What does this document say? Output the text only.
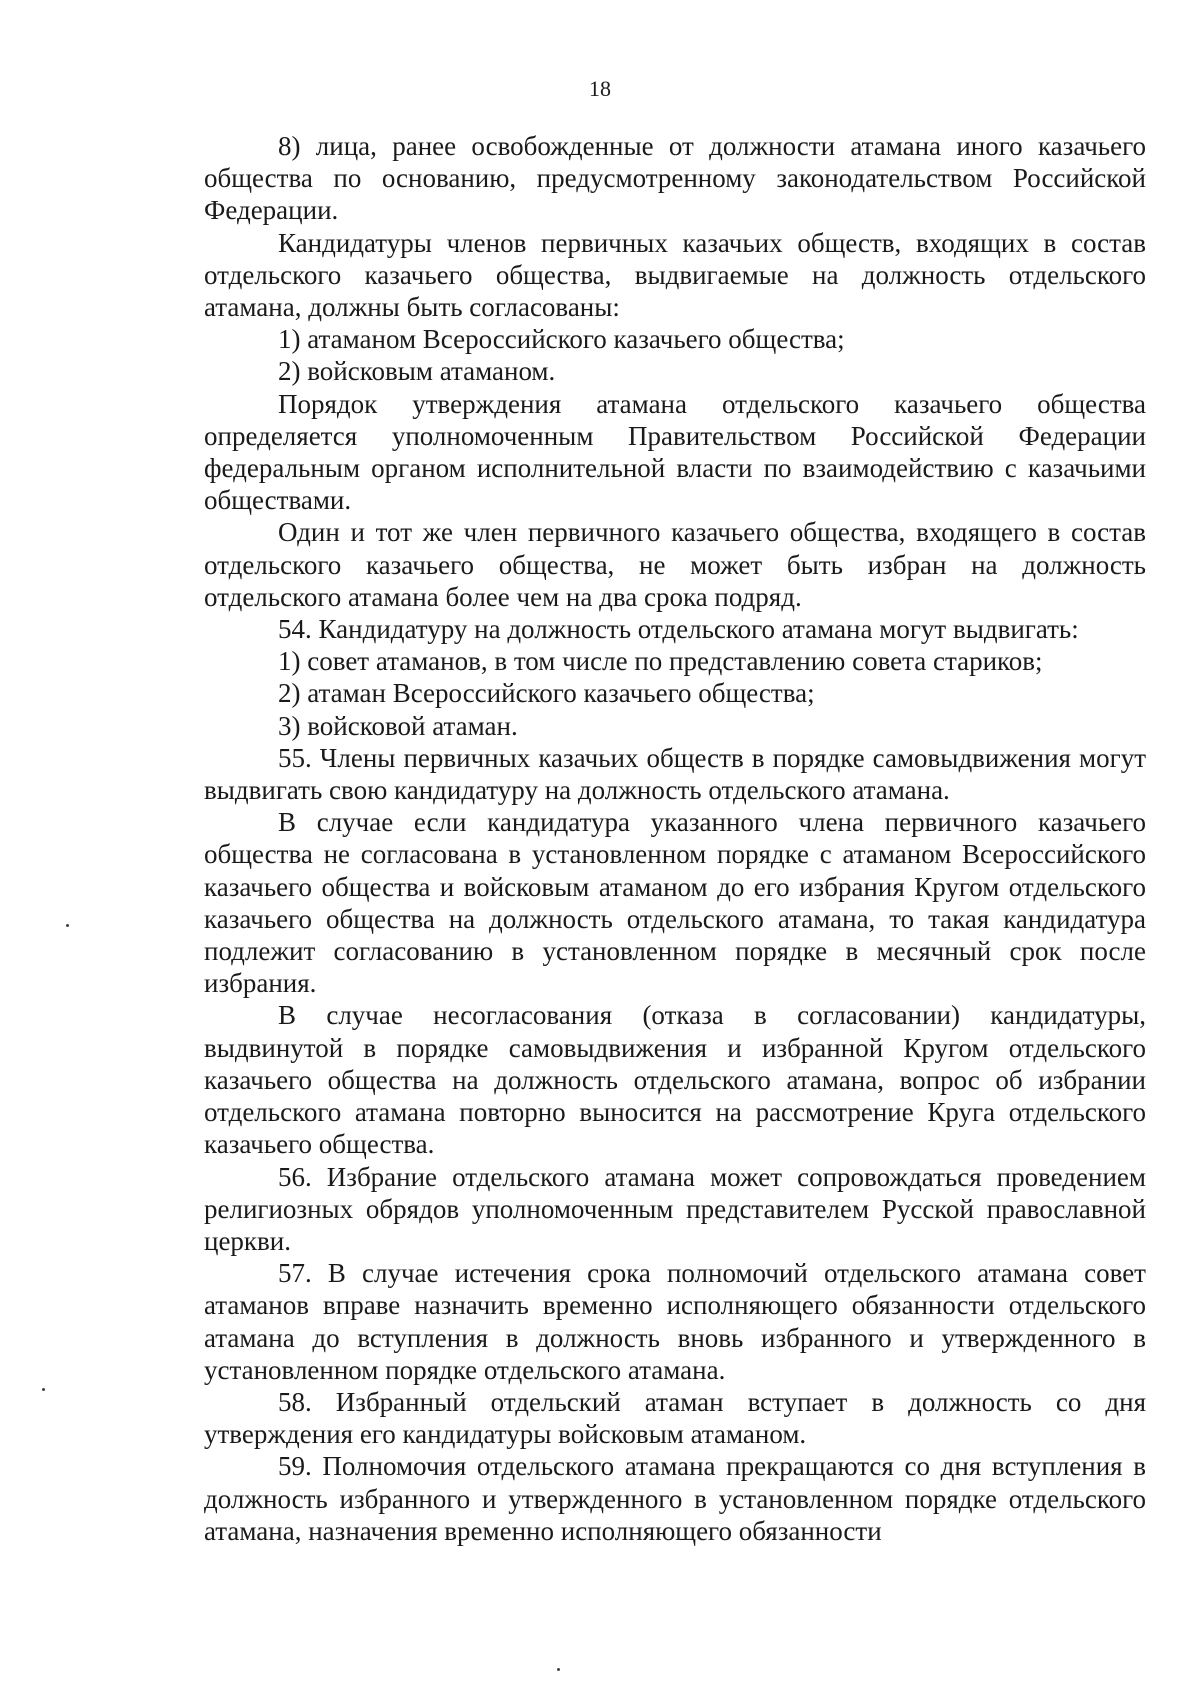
18

8) лица, ранее освобожденные от должности атамана иного казачьего общества по основанию, предусмотренному законодательством Российской Федерации.

Кандидатуры членов первичных казачьих обществ, входящих в состав отдельского казачьего общества, выдвигаемые на должность отдельского атамана, должны быть согласованы:

1) атаманом Всероссийского казачьего общества;

2) войсковым атаманом.

Порядок утверждения атамана отдельского казачьего общества определяется уполномоченным Правительством Российской Федерации федеральным органом исполнительной власти по взаимодействию с казачьими обществами.

Один и тот же член первичного казачьего общества, входящего в состав отдельского казачьего общества, не может быть избран на должность отдельского атамана более чем на два срока подряд.

54. Кандидатуру на должность отдельского атамана могут выдвигать:

1) совет атаманов, в том числе по представлению совета стариков;

2) атаман Всероссийского казачьего общества;

3) войсковой атаман.

55. Члены первичных казачьих обществ в порядке самовыдвижения могут выдвигать свою кандидатуру на должность отдельского атамана.

В случае если кандидатура указанного члена первичного казачьего общества не согласована в установленном порядке с атаманом Всероссийского казачьего общества и войсковым атаманом до его избрания Кругом отдельского казачьего общества на должность отдельского атамана, то такая кандидатура подлежит согласованию в установленном порядке в месячный срок после избрания.

В случае несогласования (отказа в согласовании) кандидатуры, выдвинутой в порядке самовыдвижения и избранной Кругом отдельского казачьего общества на должность отдельского атамана, вопрос об избрании отдельского атамана повторно выносится на рассмотрение Круга отдельского казачьего общества.

56. Избрание отдельского атамана может сопровождаться проведением религиозных обрядов уполномоченным представителем Русской православной церкви.

57. В случае истечения срока полномочий отдельского атамана совет атаманов вправе назначить временно исполняющего обязанности отдельского атамана до вступления в должность вновь избранного и утвержденного в установленном порядке отдельского атамана.

58. Избранный отдельский атаман вступает в должность со дня утверждения его кандидатуры войсковым атаманом.

59. Полномочия отдельского атамана прекращаются со дня вступления в должность избранного и утвержденного в установленном порядке отдельского атамана, назначения временно исполняющего обязанности
